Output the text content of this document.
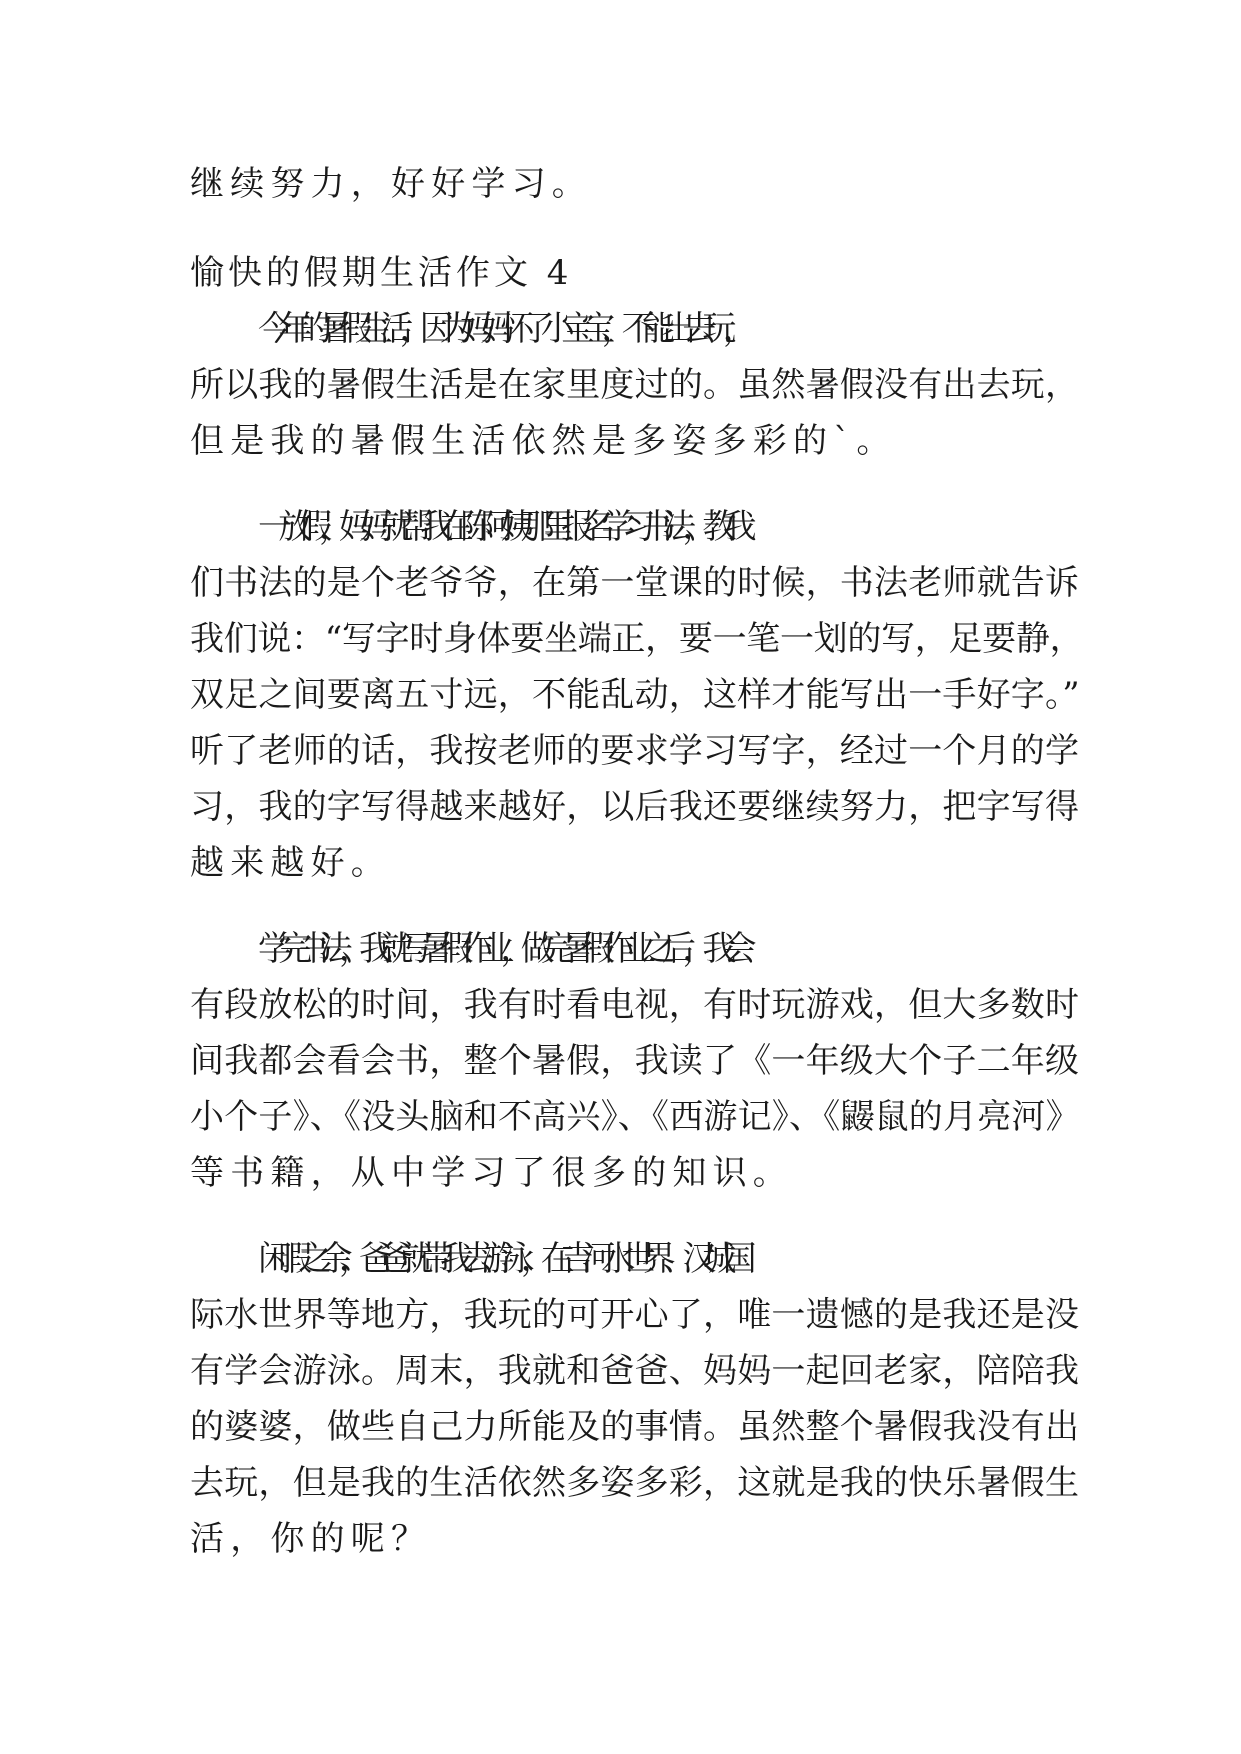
继续努力，好好学习。
愉快的假期生活作文 4
今年的暑假生活，因为妈妈怀了小宝宝，不能出去玩，
所以我的暑假生活是在家里度过的。虽然暑假没有出去玩，
但是我的暑假生活依然是多姿多彩的`。
一放假，妈妈就帮我在陈阿姨那里报名学习书法，教我
们书法的是个老爷爷，在第一堂课的时候，书法老师就告诉
我们说：“写字时身体要坐端正，要一笔一划的写，足要静，
双足之间要离五寸远，不能乱动，这样才能写出一手好字。”
听了老师的话，我按老师的要求学习写字，经过一个月的学
习，我的字写得越来越好，以后我还要继续努力，把字写得
越来越好。
学完书法，我就写暑假作业，做完暑假作业之后，我会
有段放松的时间，我有时看电视，有时玩游戏，但大多数时
间我都会看会书，整个暑假，我读了《一年级大个子二年级
小个子》、《没头脑和不高兴》、《西游记》、《鼹鼠的月亮河》
等书籍，从中学习了很多的知识。
闲暇之余，爸爸就带我去游泳，在吉河水世界、汉城国
际水世界等地方，我玩的可开心了，唯一遗憾的是我还是没
有学会游泳。周末，我就和爸爸、妈妈一起回老家，陪陪我
的婆婆，做些自己力所能及的事情。虽然整个暑假我没有出
去玩，但是我的生活依然多姿多彩，这就是我的快乐暑假生
活，你的呢？
